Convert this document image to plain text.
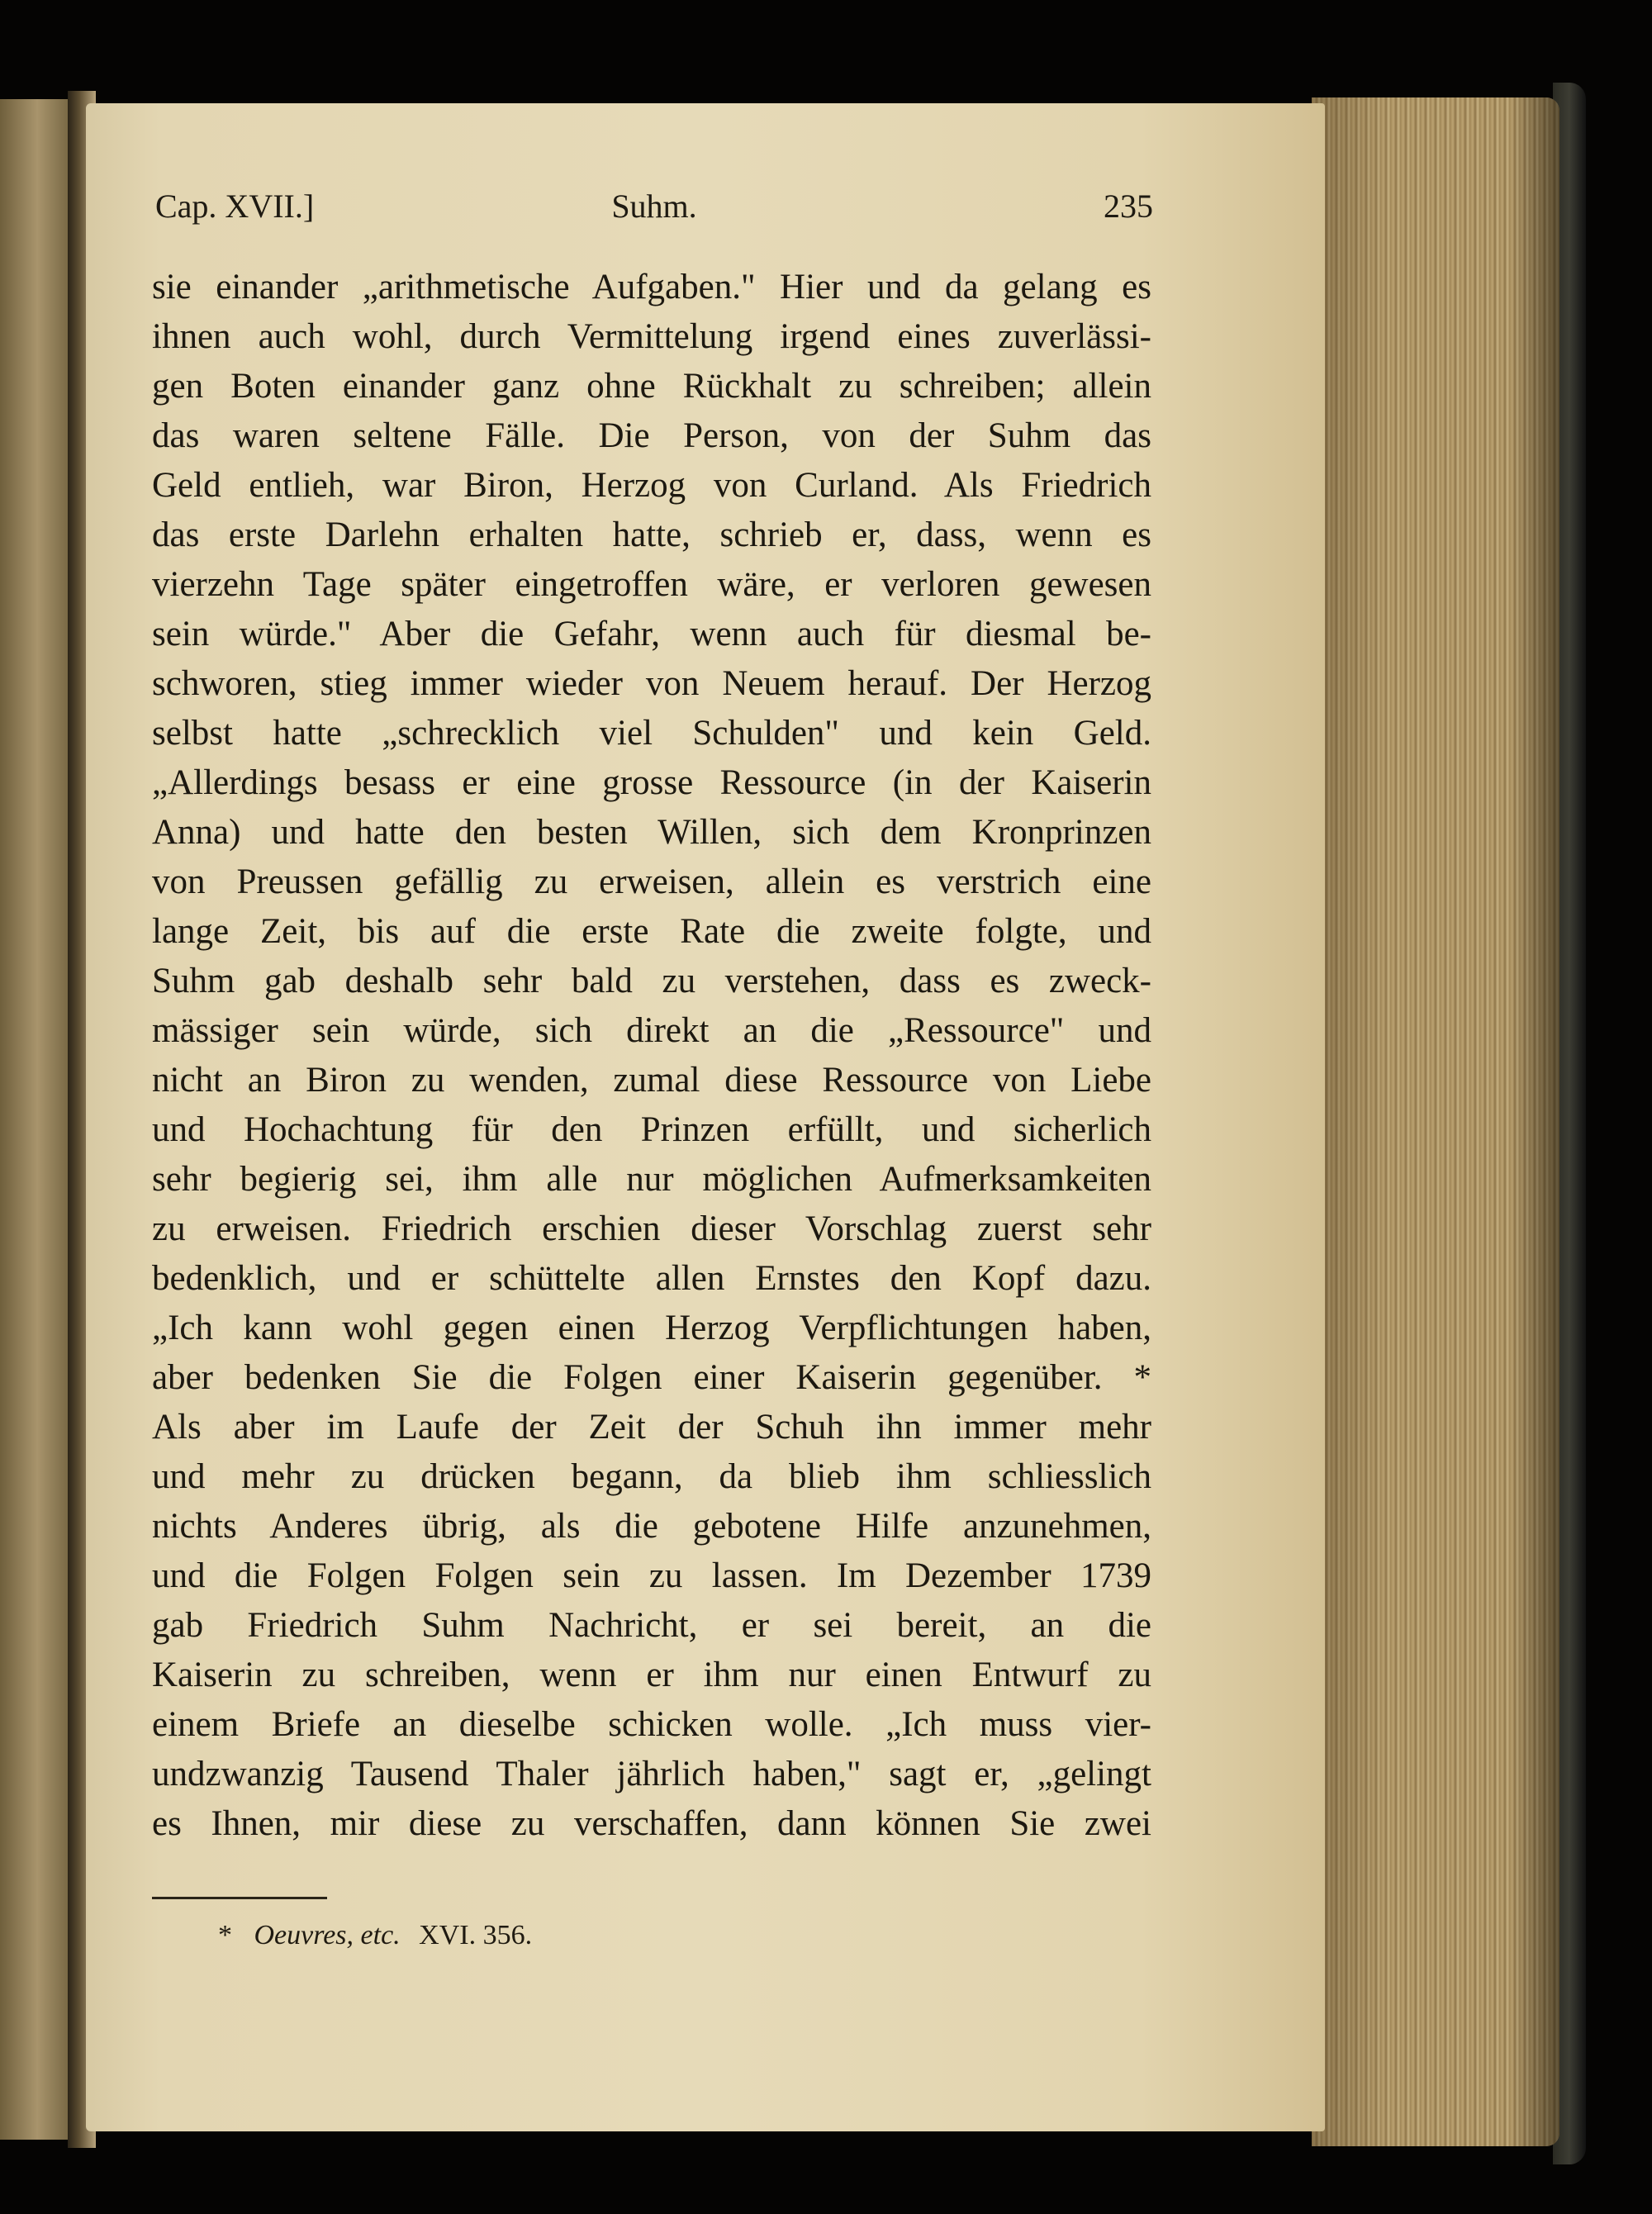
Cap. XVII.]	Suhm.	235
sie einander „arithmetische Aufgaben." Hier und da gelang es
ihnen auch wohl, durch Vermittelung irgend eines zuverlässi-
gen Boten einander ganz ohne Rückhalt zu schreiben; allein
das waren seltene Fälle. Die Person, von der Suhm das
Geld entlieh, war Biron, Herzog von Curland. Als Friedrich
das erste Darlehn erhalten hatte, schrieb er, dass, wenn es
vierzehn Tage später eingetroffen wäre, er verloren gewesen
sein würde." Aber die Gefahr, wenn auch für diesmal be-
schworen, stieg immer wieder von Neuem herauf. Der Herzog
selbst hatte „schrecklich viel Schulden" und kein Geld.
„Allerdings besass er eine grosse Ressource (in der Kaiserin
Anna) und hatte den besten Willen, sich dem Kronprinzen
von Preussen gefällig zu erweisen, allein es verstrich eine
lange Zeit, bis auf die erste Rate die zweite folgte, und
Suhm gab deshalb sehr bald zu verstehen, dass es zweck-
mässiger sein würde, sich direkt an die „Ressource" und
nicht an Biron zu wenden, zumal diese Ressource von Liebe
und Hochachtung für den Prinzen erfüllt, und sicherlich
sehr begierig sei, ihm alle nur möglichen Aufmerksamkeiten
zu erweisen. Friedrich erschien dieser Vorschlag zuerst sehr
bedenklich, und er schüttelte allen Ernstes den Kopf dazu.
„Ich kann wohl gegen einen Herzog Verpflichtungen haben,
aber bedenken Sie die Folgen einer Kaiserin gegenüber. *
Als aber im Laufe der Zeit der Schuh ihn immer mehr
und mehr zu drücken begann, da blieb ihm schliesslich
nichts Anderes übrig, als die gebotene Hilfe anzunehmen,
und die Folgen Folgen sein zu lassen. Im Dezember 1739
gab Friedrich Suhm Nachricht, er sei bereit, an die
Kaiserin zu schreiben, wenn er ihm nur einen Entwurf zu
einem Briefe an dieselbe schicken wolle. „Ich muss vier-
undzwanzig Tausend Thaler jährlich haben," sagt er, „gelingt
es Ihnen, mir diese zu verschaffen, dann können Sie zwei
* Oeuvres, etc. XVI. 356.
